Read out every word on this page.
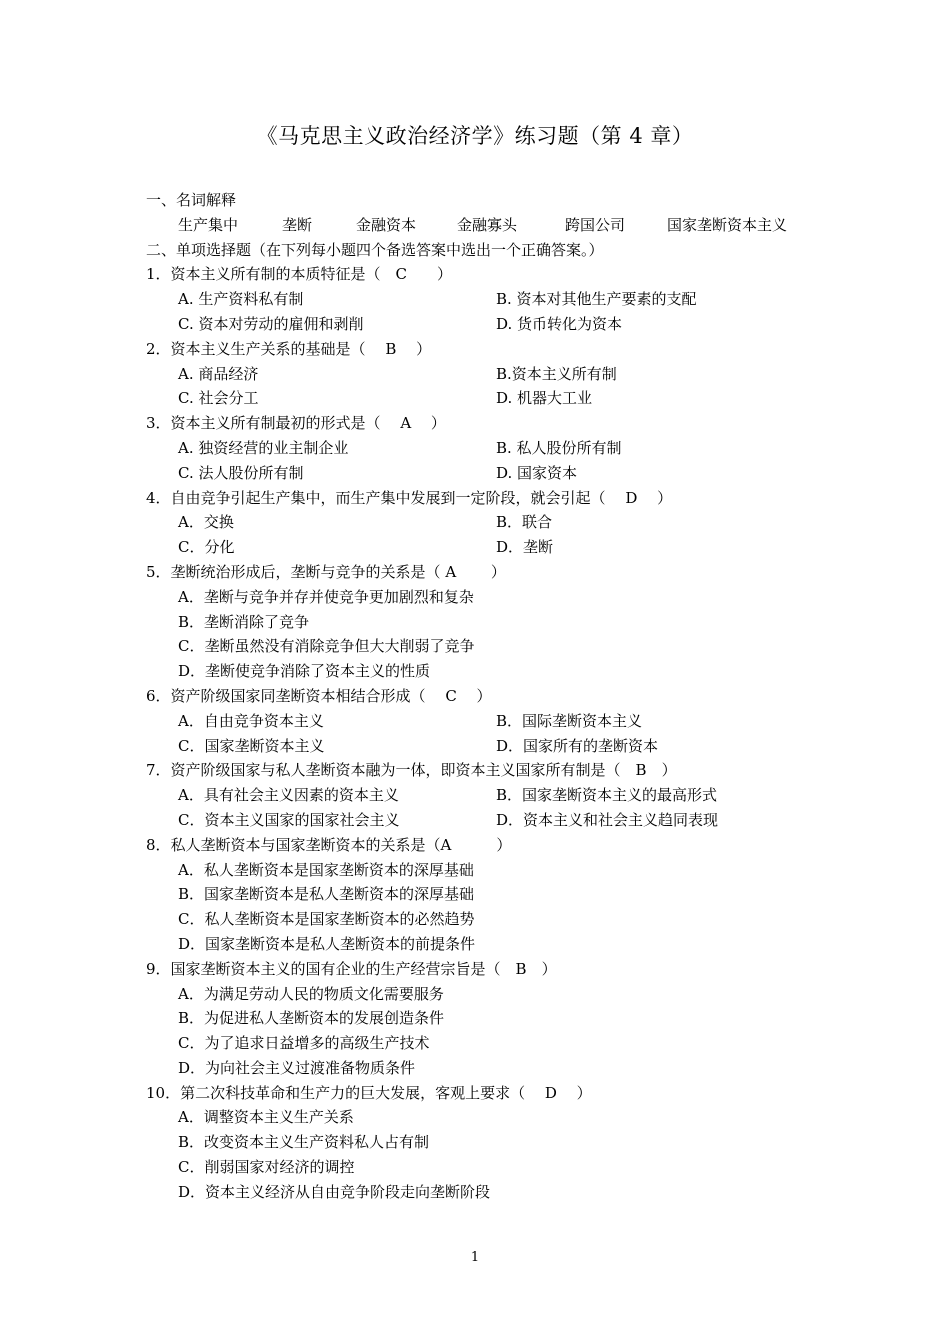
《马克思主义政治经济学》练习题（第 4 章）
一、名词解释
生产集中	垄断	金融资本	金融寡头	跨国公司	国家垄断资本主义
二、单项选择题（在下列每小题四个备选答案中选出一个正确答案。）
1．资本主义所有制的本质特征是（　C　　）
A. 生产资料私有制	B. 资本对其他生产要素的支配
C. 资本对劳动的雇佣和剥削	D. 货币转化为资本
2．资本主义生产关系的基础是（　 B　 ）
A. 商品经济	B.资本主义所有制
C. 社会分工	D. 机器大工业
3．资本主义所有制最初的形式是（　 A　 ）
A. 独资经营的业主制企业	B. 私人股份所有制
C. 法人股份所有制	D. 国家资本
4．自由竞争引起生产集中，而生产集中发展到一定阶段，就会引起（　 D　 ）
A．交换	B．联合
C．分化	D．垄断
5．垄断统治形成后，垄断与竞争的关系是（ A　　 ）
A．垄断与竞争并存并使竞争更加剧烈和复杂
B．垄断消除了竞争
C．垄断虽然没有消除竞争但大大削弱了竞争
D．垄断使竞争消除了资本主义的性质
6．资产阶级国家同垄断资本相结合形成（　 C　 ）
A．自由竞争资本主义	B．国际垄断资本主义
C．国家垄断资本主义	D．国家所有的垄断资本
7．资产阶级国家与私人垄断资本融为一体，即资本主义国家所有制是（　B　）
A．具有社会主义因素的资本主义	B．国家垄断资本主义的最高形式
C．资本主义国家的国家社会主义	D．资本主义和社会主义趋同表现
8．私人垄断资本与国家垄断资本的关系是（A　　　）
A．私人垄断资本是国家垄断资本的深厚基础
B．国家垄断资本是私人垄断资本的深厚基础
C．私人垄断资本是国家垄断资本的必然趋势
D．国家垄断资本是私人垄断资本的前提条件
9．国家垄断资本主义的国有企业的生产经营宗旨是（　B　）
A．为满足劳动人民的物质文化需要服务
B．为促进私人垄断资本的发展创造条件
C．为了追求日益增多的高级生产技术
D．为向社会主义过渡准备物质条件
10．第二次科技革命和生产力的巨大发展，客观上要求（　 D　 ）
A．调整资本主义生产关系
B．改变资本主义生产资料私人占有制
C．削弱国家对经济的调控
D．资本主义经济从自由竞争阶段走向垄断阶段
1
